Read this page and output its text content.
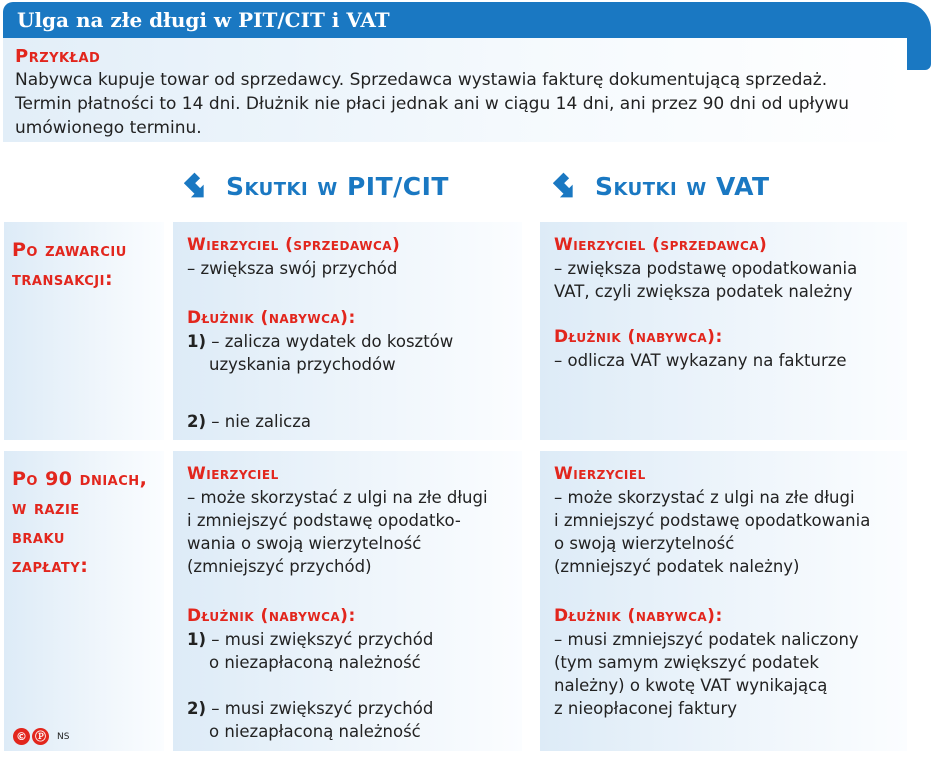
Ulga na złe długi w PIT/CIT i VAT
Przykład
Nabywca kupuje towar od sprzedawcy. Sprzedawca wystawia fakturę dokumentującą sprzedaż.
Termin płatności to 14 dni. Dłużnik nie płaci jednak ani w ciągu 14 dni, ani przez 90 dni od upływu
umówionego terminu.
Skutki w PIT/CIT	Skutki w VAT
Po zawarciu
transakcji:
Wierzyciel (sprzedawca)
– zwiększa swój przychód
Dłużnik (nabywca):
1) – zalicza wydatek do kosztów
uzyskania przychodów
2) – nie zalicza
Wierzyciel (sprzedawca)
– zwiększa podstawę opodatkowania
VAT, czyli zwiększa podatek należny
Dłużnik (nabywca):
– odlicza VAT wykazany na fakturze
Po 90 dniach,
w razie
braku
zapłaty:
Wierzyciel
– może skorzystać z ulgi na złe długi
i zmniejszyć podstawę opodatko-
wania o swoją wierzytelność
(zmniejszyć przychód)
Dłużnik (nabywca):
1) – musi zwiększyć przychód
o niezapłaconą należność
2) – musi zwiększyć przychód
o niezapłaconą należność
Wierzyciel
– może skorzystać z ulgi na złe długi
i zmniejszyć podstawę opodatkowania
o swoją wierzytelność
(zmniejszyć podatek należny)
Dłużnik (nabywca):
– musi zmniejszyć podatek naliczony
(tym samym zwiększyć podatek
należny) o kwotę VAT wynikającą
z nieopłaconej faktury
© Ⓟ	NS
